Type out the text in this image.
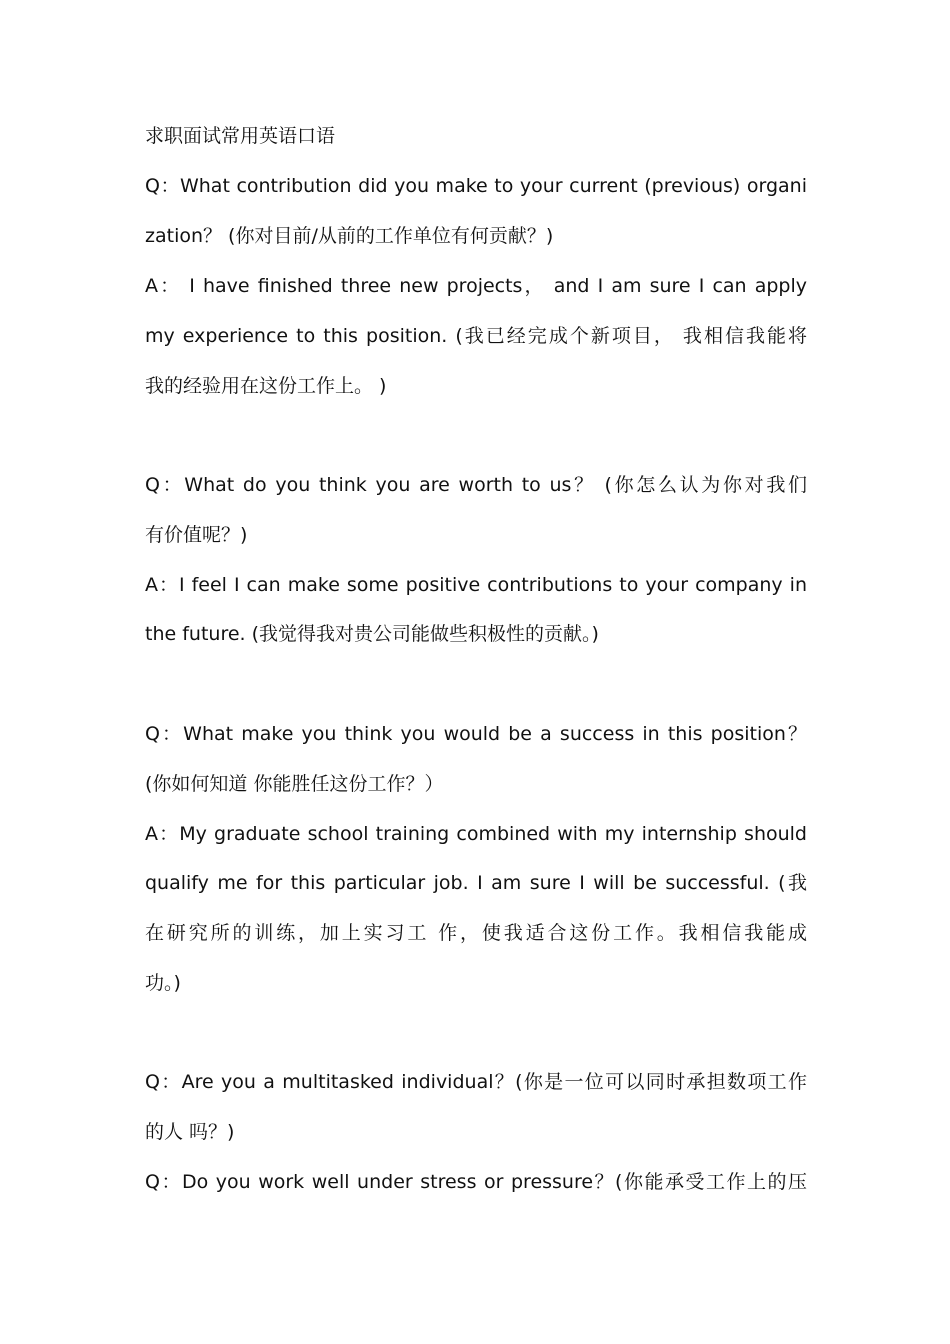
求职面试常用英语口语
Q：What contribution did you make to your current (previous) organi
zation？ (你对目前/从前的工作单位有何贡献？)
A： I have finished three new projects， and I am sure I can apply
my experience to this position. (我已经完成个新项目， 我相信我能将
我的经验用在这份工作上。 )
Q：What do you think you are worth to us？ (你怎么认为你对我们
有价值呢？)
A：I feel I can make some positive contributions to your company in
the future. (我觉得我对贵公司能做些积极性的贡献。)
Q：What make you think you would be a success in this position？
(你如何知道 你能胜任这份工作？）
A：My graduate school training combined with my internship should
qualify me for this particular job. I am sure I will be successful. (我
在研究所的训练，加上实习工 作，使我适合这份工作。我相信我能成
功。)
Q：Are you a multitasked individual？(你是一位可以同时承担数项工作
的人 吗？)
Q：Do you work well under stress or pressure？(你能承受工作上的压
